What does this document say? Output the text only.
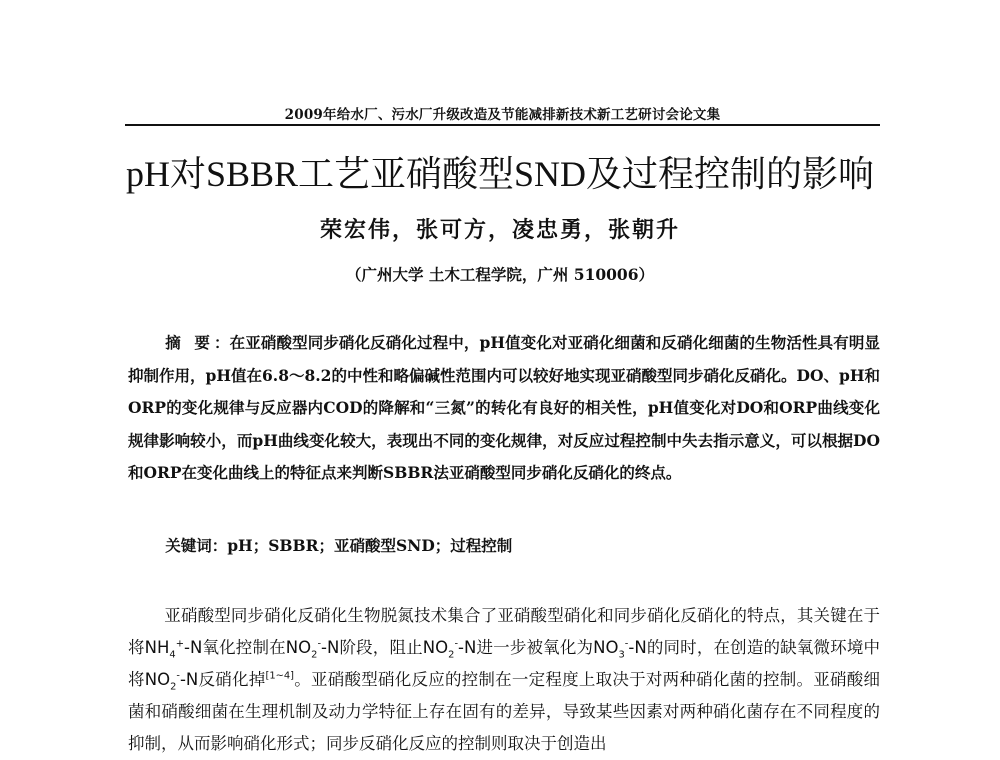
2009年给水厂、污水厂升级改造及节能减排新技术新工艺研讨会论文集
pH对SBBR工艺亚硝酸型SND及过程控制的影响
荣宏伟，张可方，凌忠勇，张朝升
（广州大学 土木工程学院，广州 510006）

摘 要：在亚硝酸型同步硝化反硝化过程中，pH值变化对亚硝化细菌和反硝化细菌的生物活性具有明显抑制作用，pH值在6.8～8.2的中性和略偏碱性范围内可以较好地实现亚硝酸型同步硝化反硝化。DO、pH和ORP的变化规律与反应器内COD的降解和“三氮”的转化有良好的相关性，pH值变化对DO和ORP曲线变化规律影响较小，而pH曲线变化较大，表现出不同的变化规律，对反应过程控制中失去指示意义，可以根据DO和ORP在变化曲线上的特征点来判断SBBR法亚硝酸型同步硝化反硝化的终点。

关键词：pH；SBBR；亚硝酸型SND；过程控制

亚硝酸型同步硝化反硝化生物脱氮技术集合了亚硝酸型硝化和同步硝化反硝化的特点，其关键在于将$NH_4^+-N$氧化控制在$NO_2^--N$阶段，阻止$NO_2^--N$进一步被氧化为$NO_3^--N$的同时，在创造的缺氧微环境中将$NO_2^--N$反硝化掉[1~4]。亚硝酸型硝化反应的控制在一定程度上取决于对两种硝化菌的控制。亚硝酸细菌和硝酸细菌在生理机制及动力学特征上存在固有的差异，导致某些因素对两种硝化菌存在不同程度的抑制，从而影响硝化形式；同步反硝化反应的控制则取决于创造出
